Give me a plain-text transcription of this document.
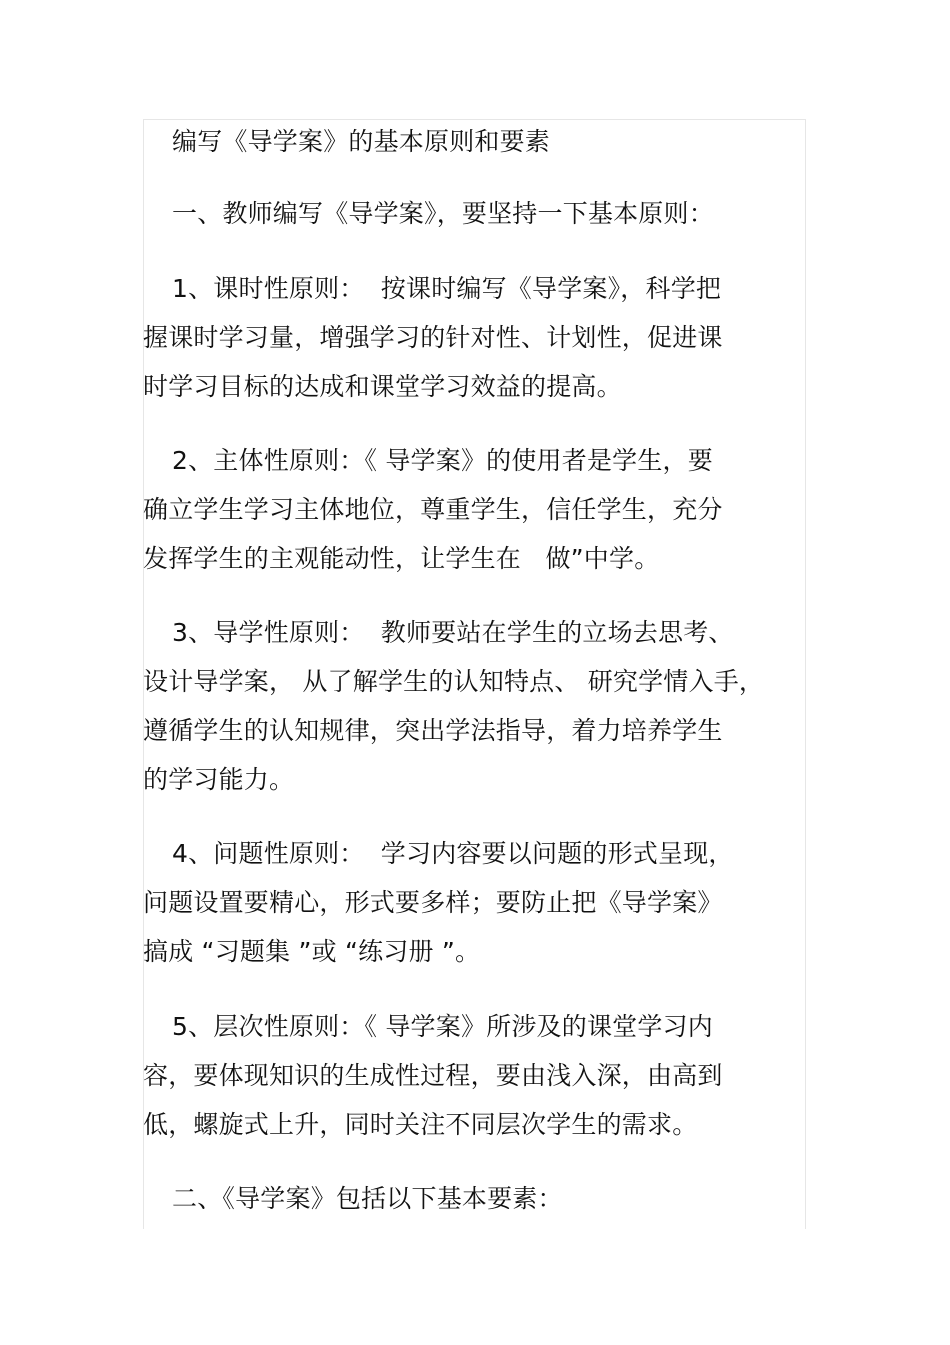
编写《导学案》的基本原则和要素
一、教师编写《导学案》，要坚持一下基本原则：
1、课时性原则：  按课时编写《导学案》，科学把
握课时学习量，增强学习的针对性、计划性，促进课
时学习目标的达成和课堂学习效益的提高。
2、主体性原则：《 导学案》的使用者是学生，要
确立学生学习主体地位，尊重学生，信任学生，充分
发挥学生的主观能动性，让学生在   做”中学。
3、导学性原则：  教师要站在学生的立场去思考、
设计导学案， 从了解学生的认知特点、 研究学情入手，
遵循学生的认知规律，突出学法指导，着力培养学生
的学习能力。
4、问题性原则：  学习内容要以问题的形式呈现，
问题设置要精心，形式要多样；要防止把《导学案》
搞成 “习题集 ”或 “练习册 ”。
5、层次性原则：《 导学案》所涉及的课堂学习内
容，要体现知识的生成性过程，要由浅入深，由高到
低，螺旋式上升，同时关注不同层次学生的需求。
二、《导学案》包括以下基本要素：
